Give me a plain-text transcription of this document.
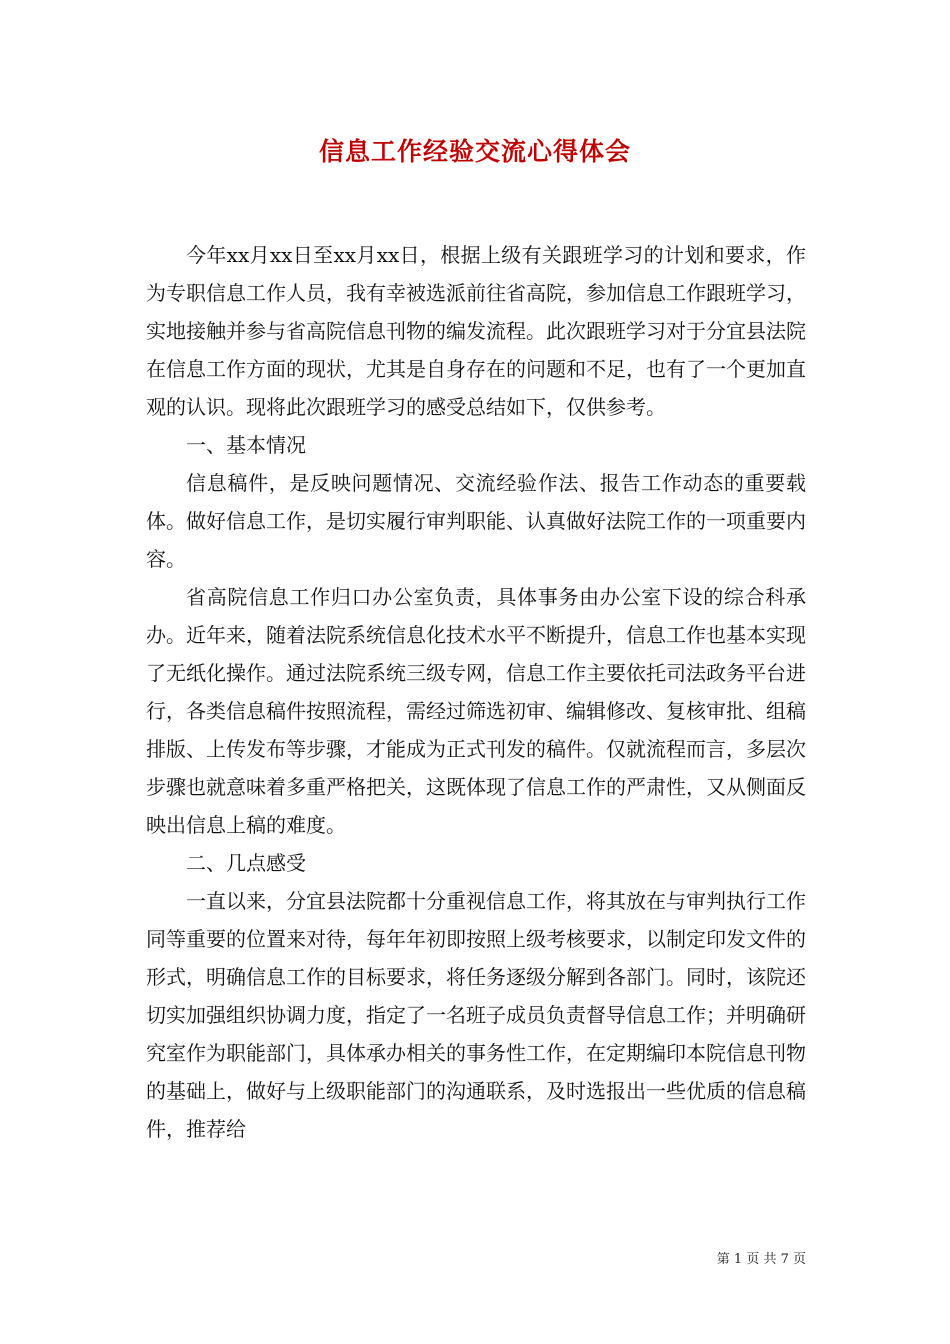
信息工作经验交流心得体会

今年xx月xx日至xx月xx日，根据上级有关跟班学习的计划和要求，作为专职信息工作人员，我有幸被选派前往省高院，参加信息工作跟班学习，实地接触并参与省高院信息刊物的编发流程。此次跟班学习对于分宜县法院在信息工作方面的现状，尤其是自身存在的问题和不足，也有了一个更加直观的认识。现将此次跟班学习的感受总结如下，仅供参考。

一、基本情况

信息稿件，是反映问题情况、交流经验作法、报告工作动态的重要载体。做好信息工作，是切实履行审判职能、认真做好法院工作的一项重要内容。

省高院信息工作归口办公室负责，具体事务由办公室下设的综合科承办。近年来，随着法院系统信息化技术水平不断提升，信息工作也基本实现了无纸化操作。通过法院系统三级专网，信息工作主要依托司法政务平台进行，各类信息稿件按照流程，需经过筛选初审、编辑修改、复核审批、组稿排版、上传发布等步骤，才能成为正式刊发的稿件。仅就流程而言，多层次步骤也就意味着多重严格把关，这既体现了信息工作的严肃性，又从侧面反映出信息上稿的难度。

二、几点感受

一直以来，分宜县法院都十分重视信息工作，将其放在与审判执行工作同等重要的位置来对待，每年年初即按照上级考核要求，以制定印发文件的形式，明确信息工作的目标要求，将任务逐级分解到各部门。同时，该院还切实加强组织协调力度，指定了一名班子成员负责督导信息工作；并明确研究室作为职能部门，具体承办相关的事务性工作，在定期编印本院信息刊物的基础上，做好与上级职能部门的沟通联系，及时选报出一些优质的信息稿件，推荐给

第 1 页 共 7 页
